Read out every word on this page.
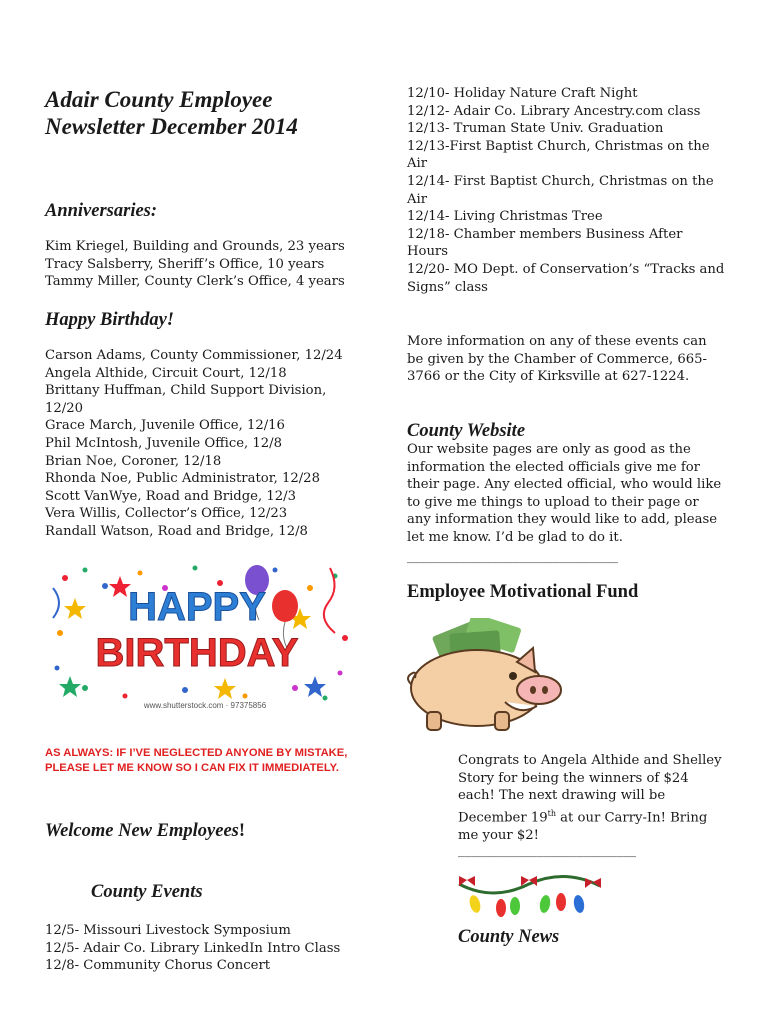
Adair County Employee Newsletter December 2014
Anniversaries:
Kim Kriegel, Building and Grounds, 23 years
Tracy Salsberry, Sheriff’s Office, 10 years
Tammy Miller, County Clerk’s Office, 4 years
Happy Birthday!
Carson Adams, County Commissioner, 12/24
Angela Althide, Circuit Court, 12/18
Brittany Huffman, Child Support Division, 12/20
Grace March, Juvenile Office, 12/16
Phil McIntosh, Juvenile Office, 12/8
Brian Noe, Coroner, 12/18
Rhonda Noe, Public Administrator, 12/28
Scott VanWye, Road and Bridge, 12/3
Vera Willis, Collector’s Office, 12/23
Randall Watson, Road and Bridge, 12/8
HAPPY
BIRTHDAY
www.shutterstock.com · 97375856
AS ALWAYS: IF I’VE NEGLECTED ANYONE BY MISTAKE, PLEASE LET ME KNOW SO I CAN FIX IT IMMEDIATELY.
Welcome New Employees!
County Events
12/5- Missouri Livestock Symposium
12/5- Adair Co. Library LinkedIn Intro Class
12/8- Community Chorus Concert
12/10- Holiday Nature Craft Night
12/12- Adair Co. Library Ancestry.com class
12/13- Truman State Univ. Graduation
12/13-First Baptist Church, Christmas on the Air
12/14- First Baptist Church, Christmas on the Air
12/14- Living Christmas Tree
12/18- Chamber members Business After Hours
12/20- MO Dept. of Conservation’s “Tracks and Signs” class
More information on any of these events can be given by the Chamber of Commerce, 665-3766 or the City of Kirksville at 627-1224.
County Website
Our website pages are only as good as the information the elected officials give me for their page. Any elected official, who would like to give me things to upload to their page or any information they would like to add, please let me know. I’d be glad to do it.
________________________________
Employee Motivational Fund
Congrats to Angela Althide and Shelley Story for being the winners of $24 each! The next drawing will be December 19th at our Carry-In! Bring me your $2!
___________________________
County News
